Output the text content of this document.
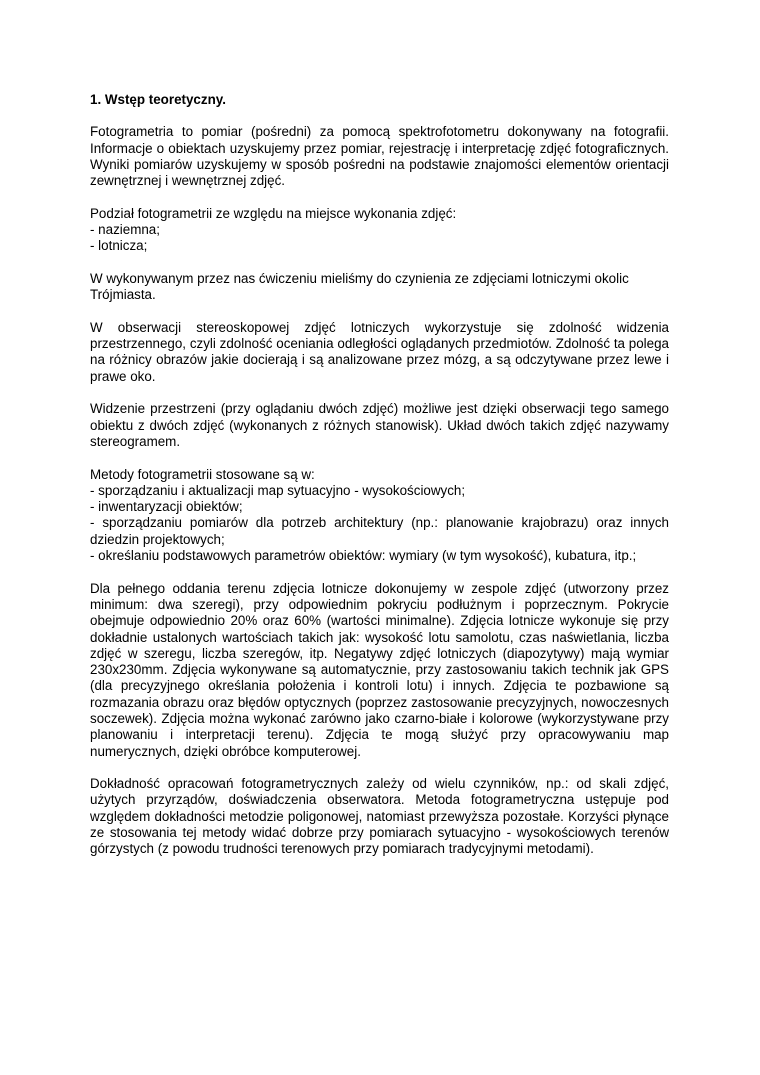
1. Wstęp teoretyczny.

Fotogrametria to pomiar (pośredni) za pomocą spektrofotometru dokonywany na fotografii. Informacje o obiektach uzyskujemy przez pomiar, rejestrację i interpretację zdjęć fotograficznych. Wyniki pomiarów uzyskujemy w sposób pośredni na podstawie znajomości elementów orientacji zewnętrznej i wewnętrznej zdjęć.

Podział fotogrametrii ze względu na miejsce wykonania zdjęć:
- naziemna;
- lotnicza;

W wykonywanym przez nas ćwiczeniu mieliśmy do czynienia ze zdjęciami lotniczymi okolic Trójmiasta.

W obserwacji stereoskopowej zdjęć lotniczych wykorzystuje się zdolność widzenia przestrzennego, czyli zdolność oceniania odległości oglądanych przedmiotów. Zdolność ta polega na różnicy obrazów jakie docierają i są analizowane przez mózg, a są odczytywane przez lewe i prawe oko.

Widzenie przestrzeni (przy oglądaniu dwóch zdjęć) możliwe jest dzięki obserwacji tego samego obiektu z dwóch zdjęć (wykonanych z różnych stanowisk). Układ dwóch takich zdjęć nazywamy stereogramem.

Metody fotogrametrii stosowane są w:
- sporządzaniu i aktualizacji map sytuacyjno - wysokościowych;
- inwentaryzacji obiektów;
- sporządzaniu pomiarów dla potrzeb architektury (np.: planowanie krajobrazu) oraz innych dziedzin projektowych;
- określaniu podstawowych parametrów obiektów: wymiary (w tym wysokość), kubatura, itp.;

Dla pełnego oddania terenu zdjęcia lotnicze dokonujemy w zespole zdjęć (utworzony przez minimum: dwa szeregi), przy odpowiednim pokryciu podłużnym i poprzecznym. Pokrycie obejmuje odpowiednio 20% oraz 60% (wartości minimalne). Zdjęcia lotnicze wykonuje się przy dokładnie ustalonych wartościach takich jak: wysokość lotu samolotu, czas naświetlania, liczba zdjęć w szeregu, liczba szeregów, itp. Negatywy zdjęć lotniczych (diapozytywy) mają wymiar 230x230mm. Zdjęcia wykonywane są automatycznie, przy zastosowaniu takich technik jak GPS (dla precyzyjnego określania położenia i kontroli lotu) i innych. Zdjęcia te pozbawione są rozmazania obrazu oraz błędów optycznych (poprzez zastosowanie precyzyjnych, nowoczesnych soczewek). Zdjęcia można wykonać zarówno jako czarno-białe i kolorowe (wykorzystywane przy planowaniu i interpretacji terenu). Zdjęcia te mogą służyć przy opracowywaniu map numerycznych, dzięki obróbce komputerowej.

Dokładność opracowań fotogrametrycznych zależy od wielu czynników, np.: od skali zdjęć, użytych przyrządów, doświadczenia obserwatora. Metoda fotogrametryczna ustępuje pod względem dokładności metodzie poligonowej, natomiast przewyższa pozostałe. Korzyści płynące ze stosowania tej metody widać dobrze przy pomiarach sytuacyjno - wysokościowych terenów górzystych (z powodu trudności terenowych przy pomiarach tradycyjnymi metodami).
